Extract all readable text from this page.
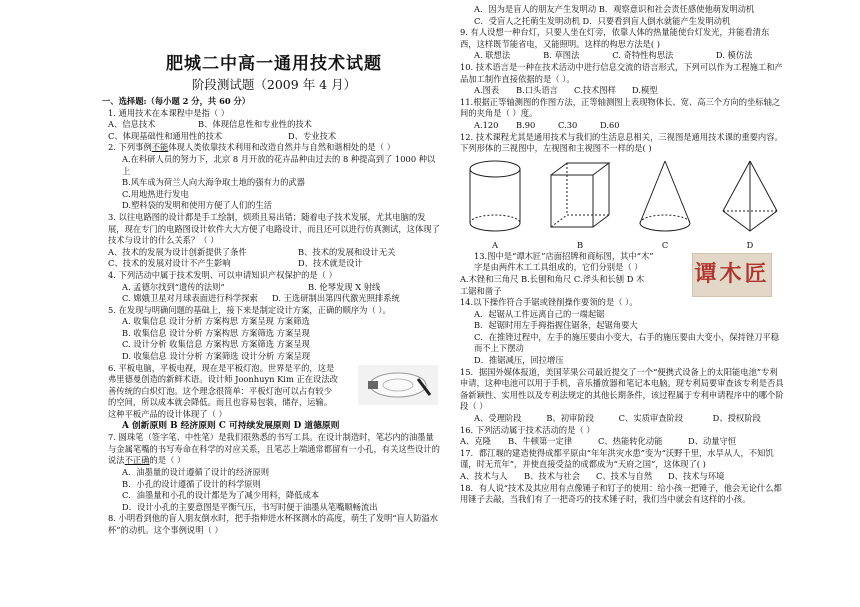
肥城二中高一通用技术试题
阶段测试题（2009 年 4 月）

一、选择题:（每小题 2 分，共 60 分）

1. 通用技术在本课程中是指（ ）

A、信息技术	B、体现信息性和专业性的技术
C、体现基础性和通用性的技术	D、专业技术

2. 下列事例不能体现人类依靠技术利用和改造自然并与自然和谐相处的是（ ）

A.在科研人员的努力下，北京 8 月开放的花卉品种由过去的 8 种提高到了 1000 种以上

B.风车成为荷兰人向大海争取土地的强有力的武器

C.用地热进行发电

D.塑料袋的发明和使用方便了人们的生活

3. 以往电路图的设计都是手工绘制，烦琐且易出错；随着电子技术发展，尤其电脑的发展，现在专门的电路图设计软件大大方便了电路设计，而且还可以进行仿真测试，这体现了技术与设计的什么关系？（ ）

A、技术的发展为设计创新提供了条件	B、技术的发展和设计无关
C、技术的发展对设计不产生影响	D、技术就是设计

4. 下列活动中属于技术发明、可以申请知识产权保护的是（ ）

A. 孟德尔找到“遗传的法则”	B. 伦琴发现 X 射线
C. 嫦娥卫星对月球表面进行科学探索	D. 王选研制出第四代激光照排系统

5. 在发现与明确问题的基础上，接下来是制定设计方案，正确的顺序为（ ）。

A. 收集信息 设计分析 方案构思 方案呈现 方案筛选

B. 收集信息 设计分析 方案构思 方案筛选 方案呈现

C. 设计分析 收集信息 方案构思 方案筛选 方案呈现

D. 收集信息 设计分析 方案筛选 设计分析 方案呈现

6. 平板电脑，平板电视，现在是平板灯泡。世界是平的，这是

弗里德曼创造的新鲜术语。设计师 Joonhuyn Kim 正在设法改

善传统的白炽灯泡。这个理念很简单：平板灯泡可以占有较少

的空间，所以成本就会降低。而且也容易包装，储存，运输。

这种平板产品的设计体现了（ ）

A 创新原则 B 经济原则 C 可持续发展原则 D 道德原则

7. 圆珠笔（签字笔、中性笔）是我们很熟悉的书写工具。在设计制造时，笔芯内的油墨量与金属笔嘴的书写寿命在科学的对应关系，且笔芯上端通常都留有一小孔，有关这些设计的说法不正确的是（ ）

A．油墨量的设计遵循了设计的经济原则

B．小孔的设计遵循了设计的科学原则

C．油墨量和小孔的设计都是为了减少用料，降低成本

D．设计小孔的主要意图是平衡气压，书写时便于油墨从笔嘴顺畅流出

8. 小明看到他的盲人朋友倒水时，把手指伸进水杯探测水的高度，萌生了发明“盲人防溢水杯”的动机。这个事例说明（ ）

A．因为是盲人的朋友产生发明动 B．观察意识和社会责任感使他萌发明动机

C．受盲人之托萌生发明动机 D．只要看到盲人倒水就能产生发明动机

9. 有人设想一种台灯，只要人坐在灯旁，依靠人体的热量能使台灯发光，并能看清东西，这样既节能省电，又能照明。这样的构思方法是( )

A. 联想法	B. 草图法	C. 奇特性构思法	D. 模仿法

10. 技术语言是一种在技术活动中进行信息交流的语言形式，下列可以作为工程施工和产品加工制作直接依据的是（ ）。

A.图表	B.口头语言	C.技术图样	D.模型

11.根据正等轴测图的作图方法，正等轴测图上表现物体长、宽、高三个方向的坐标轴之间的夹角是（ ）度。

A.120	B.90	C.30	D.60

12. 技术课程尤其是通用技术与我们的生活息息相关，三视图是通用技术课的重要内容。下列形体的三视图中，左视图和主视图不一样的是( )

A	B	C	D

13.图中是“谭木匠”店面招牌和商标图，其中“木”

字是由两件木工工具组成的，它们分别是（ ）

A.木锉和三角尺 B.长刨和角尺 C.斧头和长刨 D 木

工锯和凿子

谭木匠

14.以下操作符合手锯或锉削操作要领的是（ ）。

A．起锯从工件远离自己的一端起锯

B．起锯时用左手拇指握住锯条，起锯角要大

C．在推锉过程中，左手的施压要由小变大，右手的施压要由大变小，保持锉刀平稳而不上下摆动

D．推锯减压，回拉增压

15．据国外媒体报道，美国苹果公司最近提交了一个“便携式设备上的太阳能电池”专利申请，这种电池可以用于手机，音乐播放器和笔记本电脑。现专利局要审查该专利是否具备新颖性、实用性以及专利法规定的其他长期条件，该过程属于专利申请程序中的哪个阶段（ ）

A、受理阶段	B、初审阶段	C、实质审查阶段	D、授权阶段

16. 下列活动属于技术活动的是（ ）

A、克隆	B、牛顿第一定律	C、热能转化动能	D、动量守恒

17．都江堰的建造使得成都平原由“年年洪灾水患”变为“沃野千里，水旱从人，不知饥谨，时无荒年”，并使直接受益的成都成为“天府之国”，这体现了( )

A、技术与人	B、技术与社会	C、技术与自然	D、技术与环境

18．有人说“技术及其应用有点像锤子和钉子的使用：给小孩一把锤子，他会无论什么都用锤子去敲，当我们有了一把奇巧的技术锤子时，我们当中就会有这样的小孩。
